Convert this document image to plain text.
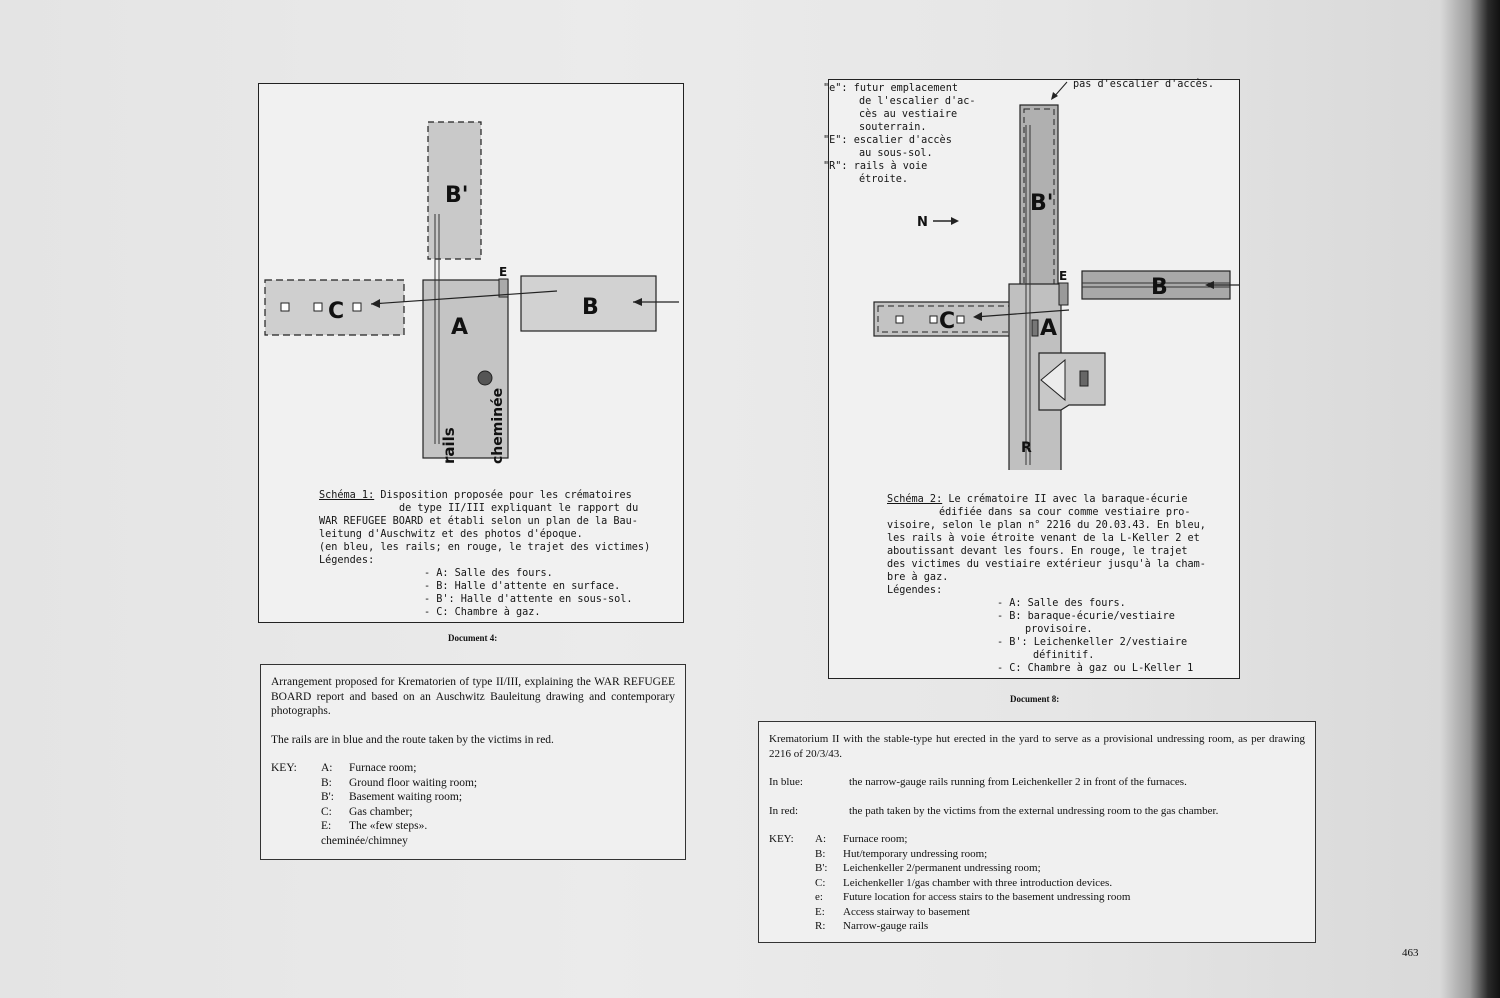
B'
C
A
rails cheminée
B
E
Schéma 1: Disposition proposée pour les crématoires
de type II/III expliquant le rapport du
WAR REFUGEE BOARD et établi selon un plan de la Bau-
leitung d'Auschwitz et des photos d'époque.
(en bleu, les rails; en rouge, le trajet des victimes)
Légendes:
- A: Salle des fours.
- B: Halle d'attente en surface.
- B': Halle d'attente en sous-sol.
- C: Chambre à gaz.
Document 4:
Arrangement proposed for Krematorien of type II/III, explaining the WAR REFUGEE BOARD report and based on an Auschwitz Bauleitung drawing and contemporary photographs.
The rails are in blue and the route taken by the victims in red.
KEY:	A:	Furnace room;
B:	Ground floor waiting room;
B':	Basement waiting room;
C:	Gas chamber;
E:	The «few steps».
cheminée/chimney
B'
N
C	A
R
B
E
"e": futur emplacement
de l'escalier d'ac-
cès au vestiaire
souterrain.
"E": escalier d'accès
au sous-sol.
"R": rails à voie
étroite.
pas d'escalier d'accès.
Schéma 2: Le crématoire II avec la baraque-écurie
édifiée dans sa cour comme vestiaire pro-
visoire, selon le plan n° 2216 du 20.03.43. En bleu,
les rails à voie étroite venant de la L-Keller 2 et
aboutissant devant les fours. En rouge, le trajet
des victimes du vestiaire extérieur jusqu'à la cham-
bre à gaz.
Légendes:
- A: Salle des fours.
- B: baraque-écurie/vestiaire
provisoire.
- B': Leichenkeller 2/vestiaire
définitif.
- C: Chambre à gaz ou L-Keller 1
Document 8:
Krematorium II with the stable-type hut erected in the yard to serve as a provisional undressing room, as per drawing 2216 of 20/3/43.
In blue:	the narrow-gauge rails running from Leichenkeller 2 in front of the furnaces.
In red:	the path taken by the victims from the external undressing room to the gas chamber.
KEY:	A:	Furnace room;
B:	Hut/temporary undressing room;
B':	Leichenkeller 2/permanent undressing room;
C:	Leichenkeller 1/gas chamber with three introduction devices.
e:	Future location for access stairs to the basement undressing room
E:	Access stairway to basement
R:	Narrow-gauge rails
463
